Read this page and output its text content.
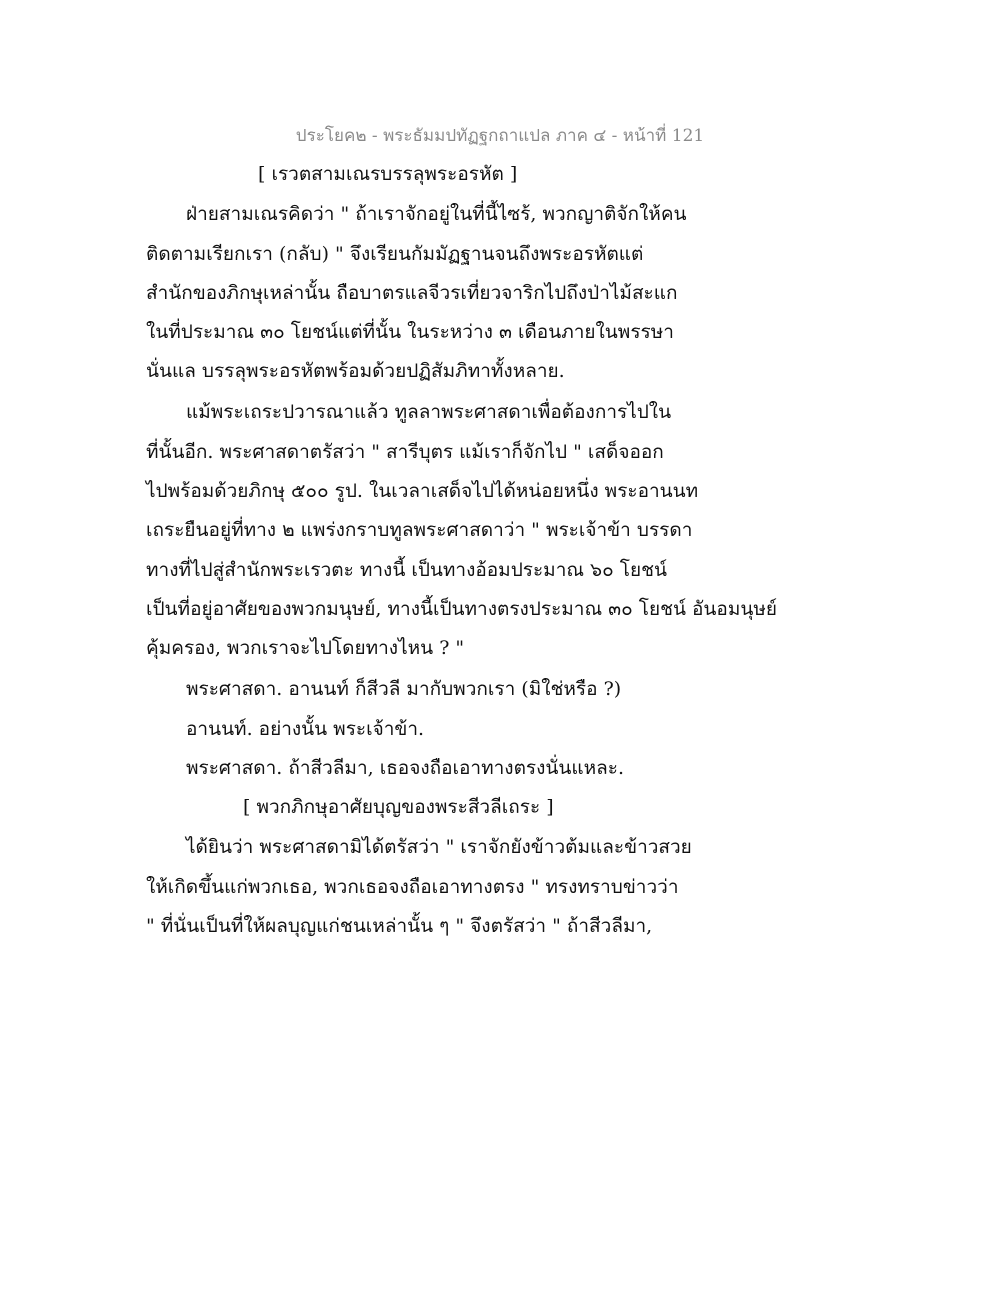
ประโยค๒ - พระธัมมปทัฏฐกถาแปล ภาค ๔ - หน้าที่ 121
[ เรวตสามเณรบรรลุพระอรหัต ]
ฝ่ายสามเณรคิดว่า " ถ้าเราจักอยู่ในที่นี้ไซร้, พวกญาติจักให้คน
ติดตามเรียกเรา (กลับ) " จึงเรียนกัมมัฏฐานจนถึงพระอรหัตแต่
สำนักของภิกษุเหล่านั้น ถือบาตรแลจีวรเที่ยวจาริกไปถึงป่าไม้สะแก
ในที่ประมาณ ๓๐ โยชน์แต่ที่นั้น ในระหว่าง ๓ เดือนภายในพรรษา
นั่นแล บรรลุพระอรหัตพร้อมด้วยปฏิสัมภิทาทั้งหลาย.
แม้พระเถระปวารณาแล้ว ทูลลาพระศาสดาเพื่อต้องการไปใน
ที่นั้นอีก. พระศาสดาตรัสว่า " สารีบุตร แม้เราก็จักไป " เสด็จออก
ไปพร้อมด้วยภิกษุ ๕๐๐ รูป. ในเวลาเสด็จไปได้หน่อยหนึ่ง พระอานนท
เถระยืนอยู่ที่ทาง ๒ แพร่งกราบทูลพระศาสดาว่า " พระเจ้าข้า บรรดา
ทางที่ไปสู่สำนักพระเรวตะ ทางนี้ เป็นทางอ้อมประมาณ ๖๐ โยชน์
เป็นที่อยู่อาศัยของพวกมนุษย์, ทางนี้เป็นทางตรงประมาณ ๓๐ โยชน์ อันอมนุษย์
คุ้มครอง, พวกเราจะไปโดยทางไหน ? "
พระศาสดา. อานนท์ ก็สีวลี มากับพวกเรา (มิใช่หรือ ?)
อานนท์. อย่างนั้น พระเจ้าข้า.
พระศาสดา. ถ้าสีวลีมา, เธอจงถือเอาทางตรงนั่นแหละ.
[ พวกภิกษุอาศัยบุญของพระสีวลีเถระ ]
ได้ยินว่า พระศาสดามิได้ตรัสว่า " เราจักยังข้าวต้มและข้าวสวย
ให้เกิดขึ้นแก่พวกเธอ, พวกเธอจงถือเอาทางตรง " ทรงทราบข่าวว่า
" ที่นั่นเป็นที่ให้ผลบุญแก่ชนเหล่านั้น ๆ " จึงตรัสว่า " ถ้าสีวลีมา,
